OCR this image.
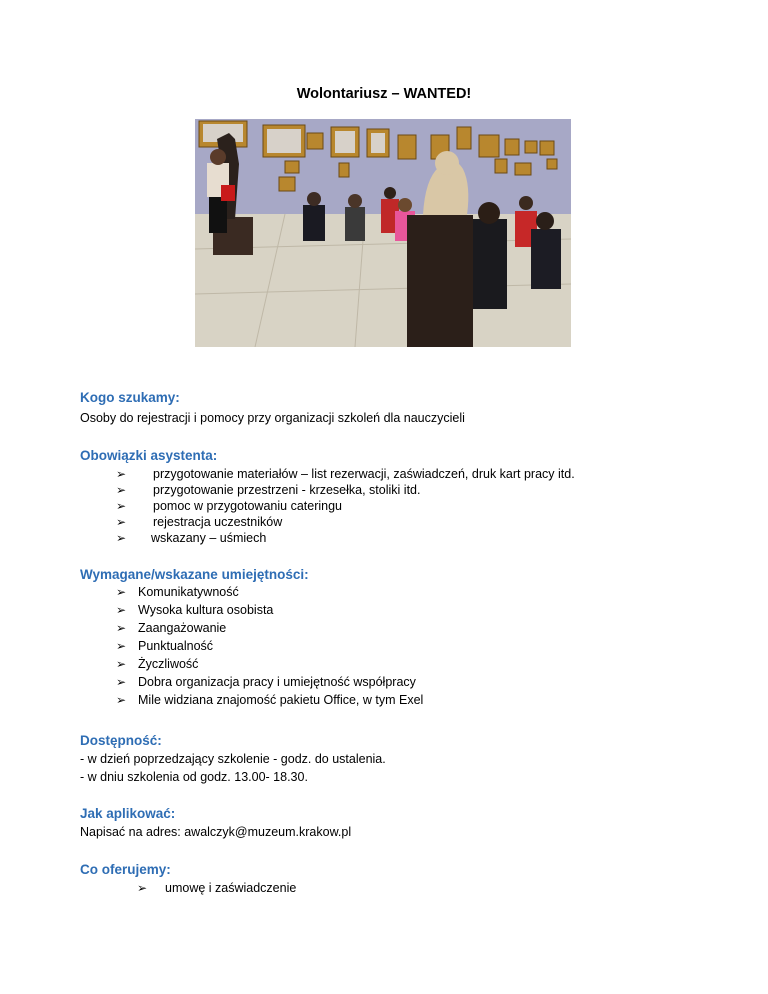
Wolontariusz – WANTED!
Kogo szukamy:
Osoby do rejestracji i pomocy przy organizacji szkoleń dla nauczycieli
Obowiązki asystenta:
➢ przygotowanie materiałów – list rezerwacji, zaświadczeń, druk kart pracy itd.
➢ przygotowanie przestrzeni - krzesełka, stoliki itd.
➢ pomoc w przygotowaniu cateringu
➢ rejestracja uczestników
➢ wskazany – uśmiech
Wymagane/wskazane umiejętności:
➢ Komunikatywność
➢ Wysoka kultura osobista
➢ Zaangażowanie
➢ Punktualność
➢ Życzliwość
➢ Dobra organizacja pracy i umiejętność współpracy
➢ Mile widziana znajomość pakietu Office, w tym Exel
Dostępność:
- w dzień poprzedzający szkolenie - godz. do ustalenia.
- w dniu szkolenia od godz. 13.00- 18.30.
Jak aplikować:
Napisać na adres: awalczyk@muzeum.krakow.pl
Co oferujemy:
➢ umowę i zaświadczenie
